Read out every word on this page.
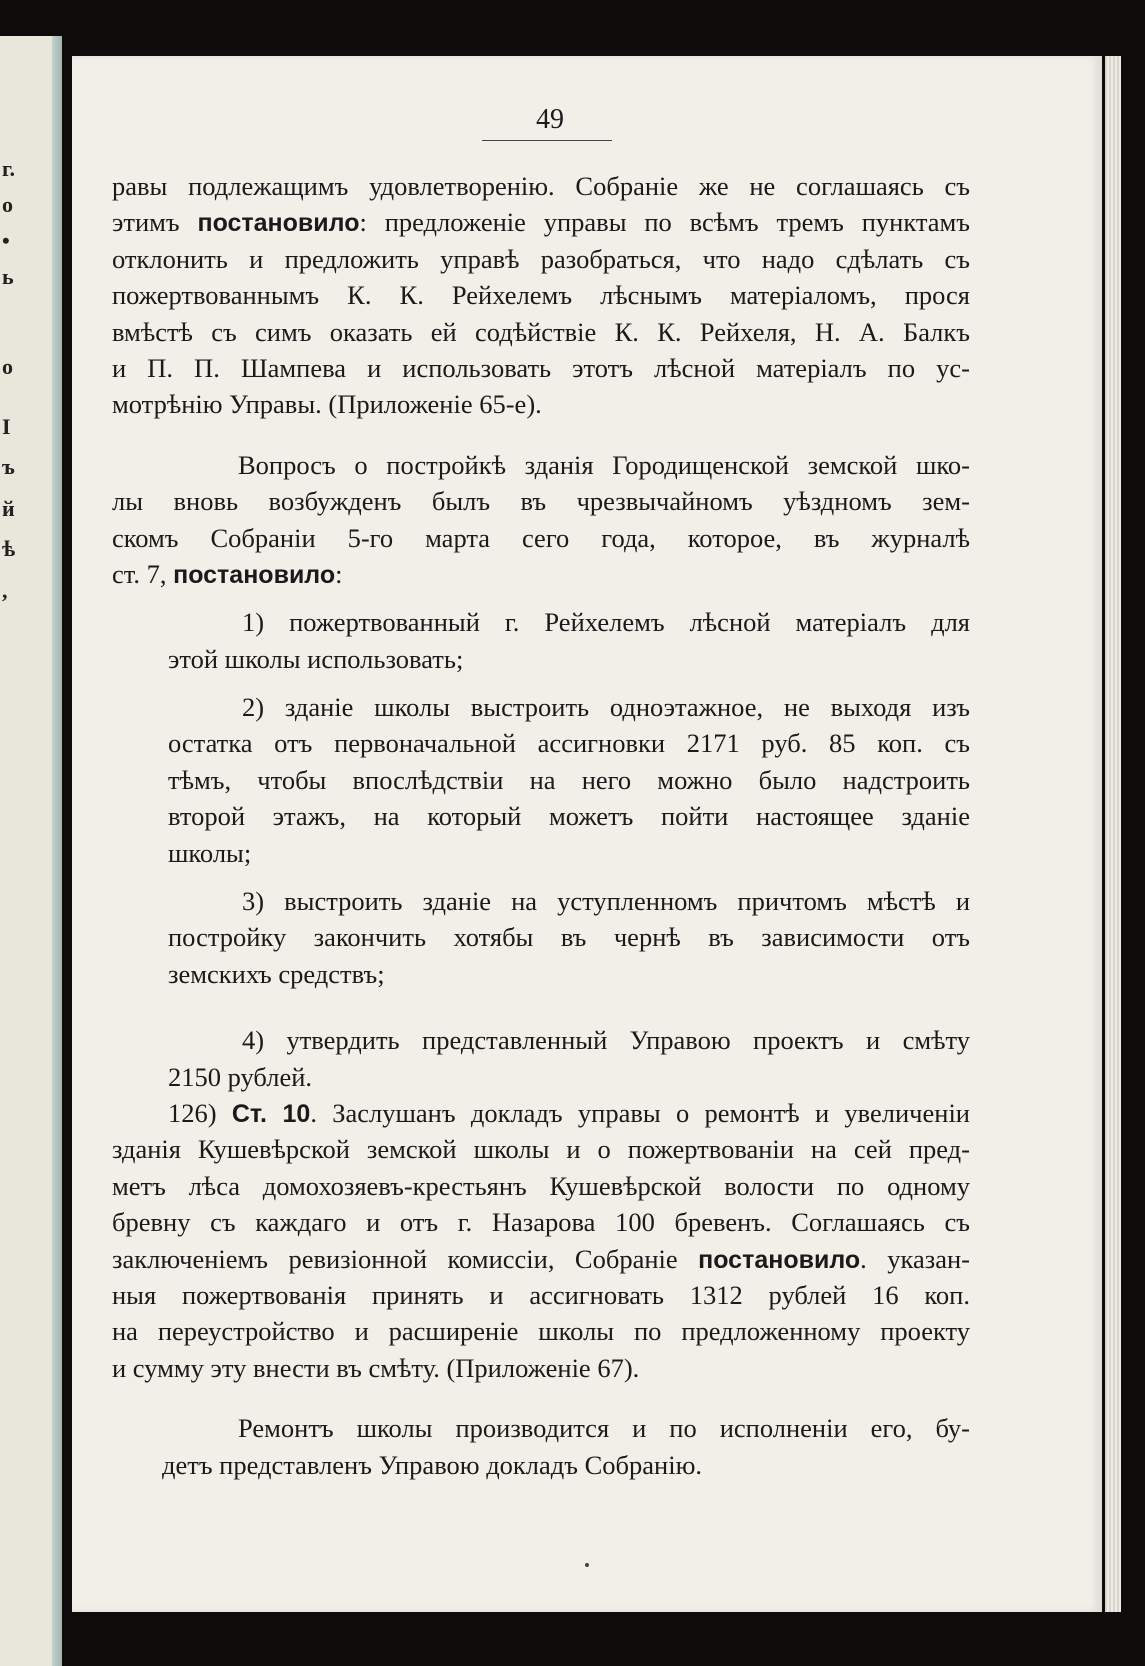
г.
о
•
ь
о
І
ъ
й
ѣ
,
49
равы подлежащимъ удовлетворенію. Собраніе же не соглашаясь съ
этимъ постановило: предложеніе управы по всѣмъ тремъ пунктамъ
отклонить и предложить управѣ разобраться, что надо сдѣлать съ
пожертвованнымъ К. К. Рейхелемъ лѣснымъ матеріаломъ, прося
вмѣстѣ съ симъ оказать ей содѣйствіе К. К. Рейхеля, Н. А. Балкъ
и П. П. Шампева и использовать этотъ лѣсной матеріалъ по ус-
мотрѣнію Управы. (Приложеніе 65-е).
Вопросъ о постройкѣ зданія Городищенской земской шко-
лы вновь возбужденъ былъ въ чрезвычайномъ уѣздномъ зем-
скомъ Собраніи 5-го марта сего года, которое, въ журналѣ
ст. 7, постановило:
1) пожертвованный г. Рейхелемъ лѣсной матеріалъ для
этой школы использовать;
2) зданіе школы выстроить одноэтажное, не выходя изъ
остатка отъ первоначальной ассигновки 2171 руб. 85 коп. съ
тѣмъ, чтобы впослѣдствіи на него можно было надстроить
второй этажъ, на который можетъ пойти настоящее зданіе
школы;
3) выстроить зданіе на уступленномъ причтомъ мѣстѣ и
постройку закончить хотябы въ чернѣ въ зависимости отъ
земскихъ средствъ;
4) утвердить представленный Управою проектъ и смѣту
2150 рублей.
126) Ст. 10. Заслушанъ докладъ управы о ремонтѣ и увеличеніи
зданія Кушевѣрской земской школы и о пожертвованіи на сей пред-
метъ лѣса домохозяевъ-крестьянъ Кушевѣрской волости по одному
бревну съ каждаго и отъ г. Назарова 100 бревенъ. Соглашаясь съ
заключеніемъ ревизіонной комиссіи, Собраніе постановило. указан-
ныя пожертвованія принять и ассигновать 1312 рублей 16 коп.
на переустройство и расширеніе школы по предложенному проекту
и сумму эту внести въ смѣту. (Приложеніе 67).
Ремонтъ школы производится и по исполненіи его, бу-
детъ представленъ Управою докладъ Собранію.
